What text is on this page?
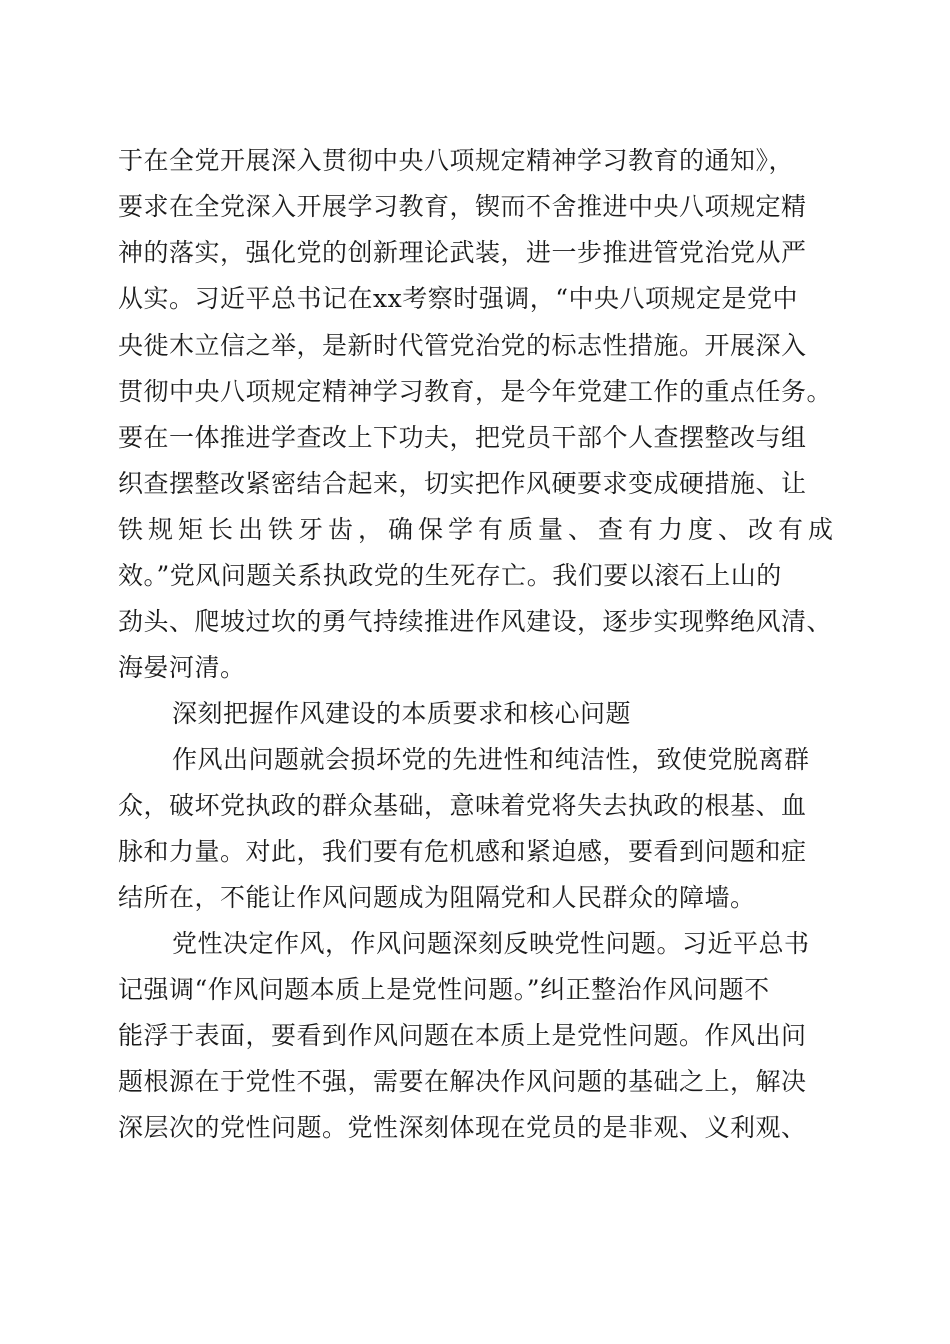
于在全党开展深入贯彻中央八项规定精神学习教育的通知》，
要求在全党深入开展学习教育，锲而不舍推进中央八项规定精
神的落实，强化党的创新理论武装，进一步推进管党治党从严
从实。习近平总书记在xx考察时强调，“中央八项规定是党中
央徙木立信之举，是新时代管党治党的标志性措施。开展深入
贯彻中央八项规定精神学习教育，是今年党建工作的重点任务。
要在一体推进学查改上下功夫，把党员干部个人查摆整改与组
织查摆整改紧密结合起来，切实把作风硬要求变成硬措施、让
铁规矩长出铁牙齿，确保学有质量、查有力度、改有成
效。”党风问题关系执政党的生死存亡。我们要以滚石上山的
劲头、爬坡过坎的勇气持续推进作风建设，逐步实现弊绝风清、
海晏河清。
深刻把握作风建设的本质要求和核心问题
作风出问题就会损坏党的先进性和纯洁性，致使党脱离群
众，破坏党执政的群众基础，意味着党将失去执政的根基、血
脉和力量。对此，我们要有危机感和紧迫感，要看到问题和症
结所在，不能让作风问题成为阻隔党和人民群众的障墙。
党性决定作风，作风问题深刻反映党性问题。习近平总书
记强调“作风问题本质上是党性问题。”纠正整治作风问题不
能浮于表面，要看到作风问题在本质上是党性问题。作风出问
题根源在于党性不强，需要在解决作风问题的基础之上，解决
深层次的党性问题。党性深刻体现在党员的是非观、义利观、
